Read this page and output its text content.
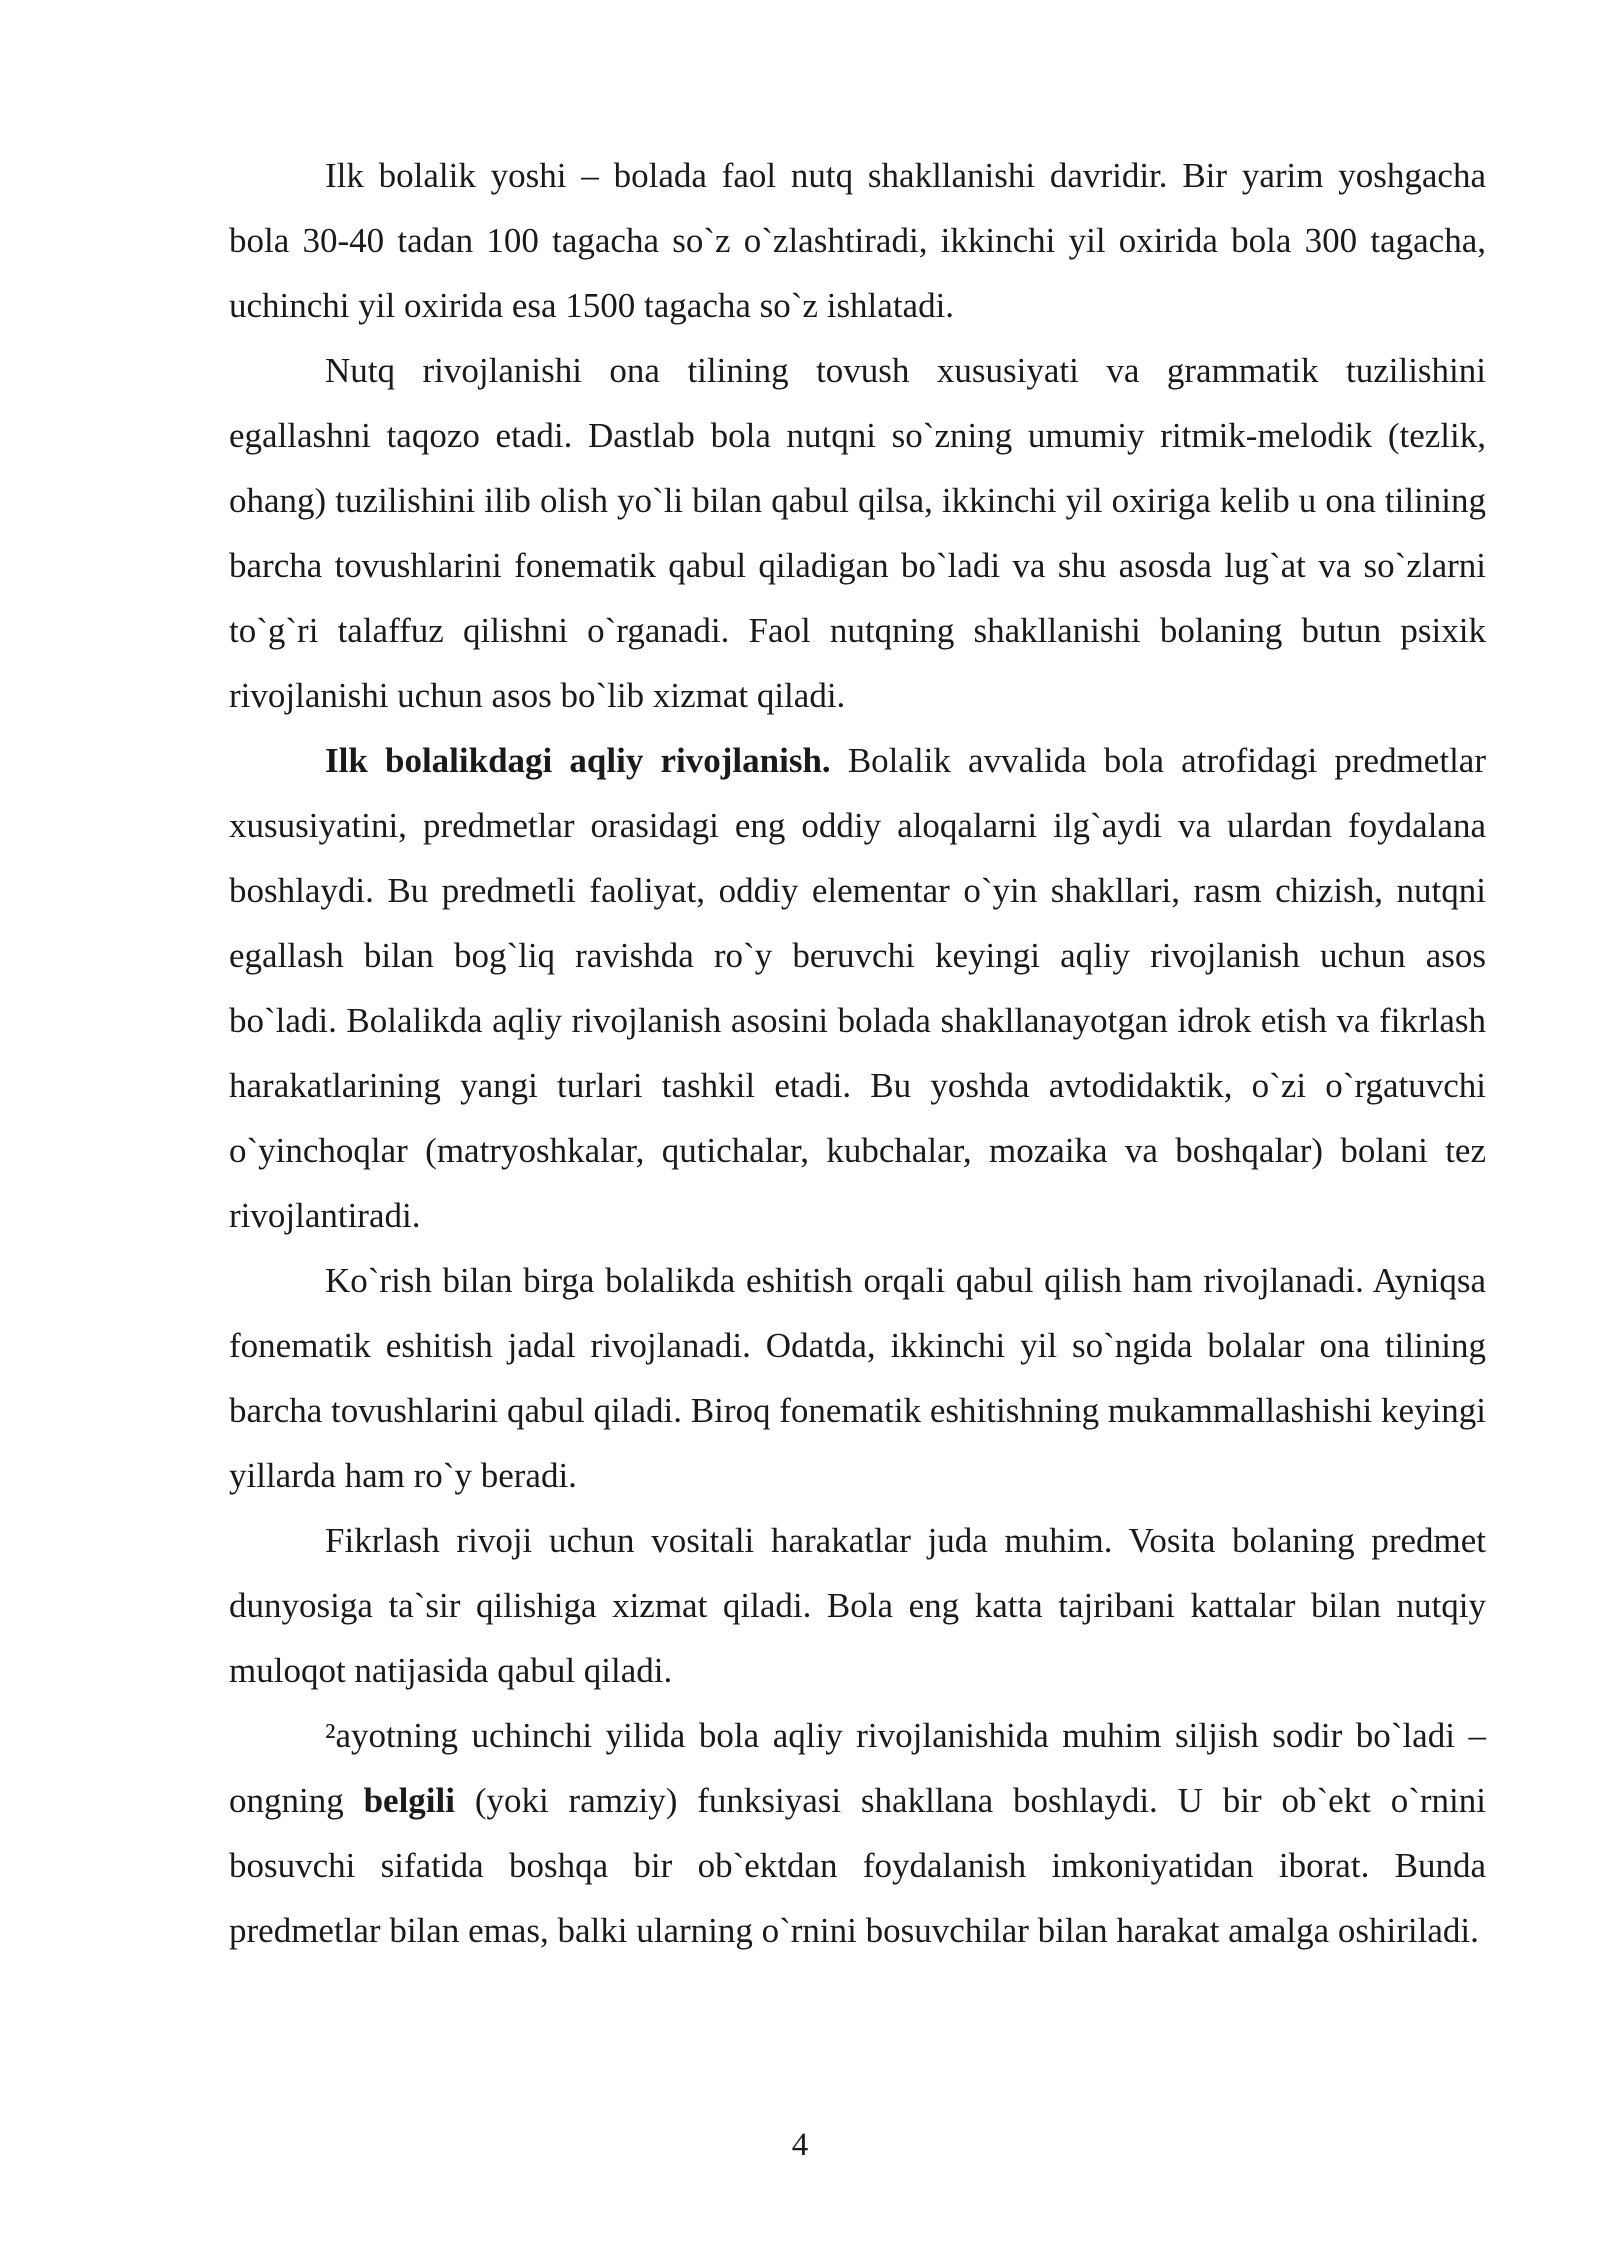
Ilk bolalik yoshi – bolada faol nutq shakllanishi davridir. Bir yarim yoshgacha bola 30-40 tadan 100 tagacha so`z o`zlashtiradi, ikkinchi yil oxirida bola 300 tagacha, uchinchi yil oxirida esa 1500 tagacha so`z ishlatadi.

Nutq rivojlanishi ona tilining tovush xususiyati va grammatik tuzilishini egallashni taqozo etadi. Dastlab bola nutqni so`zning umumiy ritmik-melodik (tezlik, ohang) tuzilishini ilib olish yo`li bilan qabul qilsa, ikkinchi yil oxiriga kelib u ona tilining barcha tovushlarini fonematik qabul qiladigan bo`ladi va shu asosda lug`at va so`zlarni to`g`ri talaffuz qilishni o`rganadi. Faol nutqning shakllanishi bolaning butun psixik rivojlanishi uchun asos bo`lib xizmat qiladi.

Ilk bolalikdagi aqliy rivojlanish. Bolalik avvalida bola atrofidagi predmetlar xususiyatini, predmetlar orasidagi eng oddiy aloqalarni ilg`aydi va ulardan foydalana boshlaydi. Bu predmetli faoliyat, oddiy elementar o`yin shakllari, rasm chizish, nutqni egallash bilan bog`liq ravishda ro`y beruvchi keyingi aqliy rivojlanish uchun asos bo`ladi. Bolalikda aqliy rivojlanish asosini bolada shakllanayotgan idrok etish va fikrlash harakatlarining yangi turlari tashkil etadi. Bu yoshda avtodidaktik, o`zi o`rgatuvchi o`yinchoqlar (matryoshkalar, qutichalar, kubchalar, mozaika va boshqalar) bolani tez rivojlantiradi.

Ko`rish bilan birga bolalikda eshitish orqali qabul qilish ham rivojlanadi. Ayniqsa fonematik eshitish jadal rivojlanadi. Odatda, ikkinchi yil so`ngida bolalar ona tilining barcha tovushlarini qabul qiladi. Biroq fonematik eshitishning mukammallashishi keyingi yillarda ham ro`y beradi.

Fikrlash rivoji uchun vositali harakatlar juda muhim. Vosita bolaning predmet dunyosiga ta`sir qilishiga xizmat qiladi. Bola eng katta tajribani kattalar bilan nutqiy muloqot natijasida qabul qiladi.

²ayotning uchinchi yilida bola aqliy rivojlanishida muhim siljish sodir bo`ladi – ongning belgili (yoki ramziy) funksiyasi shakllana boshlaydi. U bir ob`ekt o`rnini bosuvchi sifatida boshqa bir ob`ektdan foydalanish imkoniyatidan iborat. Bunda predmetlar bilan emas, balki ularning o`rnini bosuvchilar bilan harakat amalga oshiriladi.

4
